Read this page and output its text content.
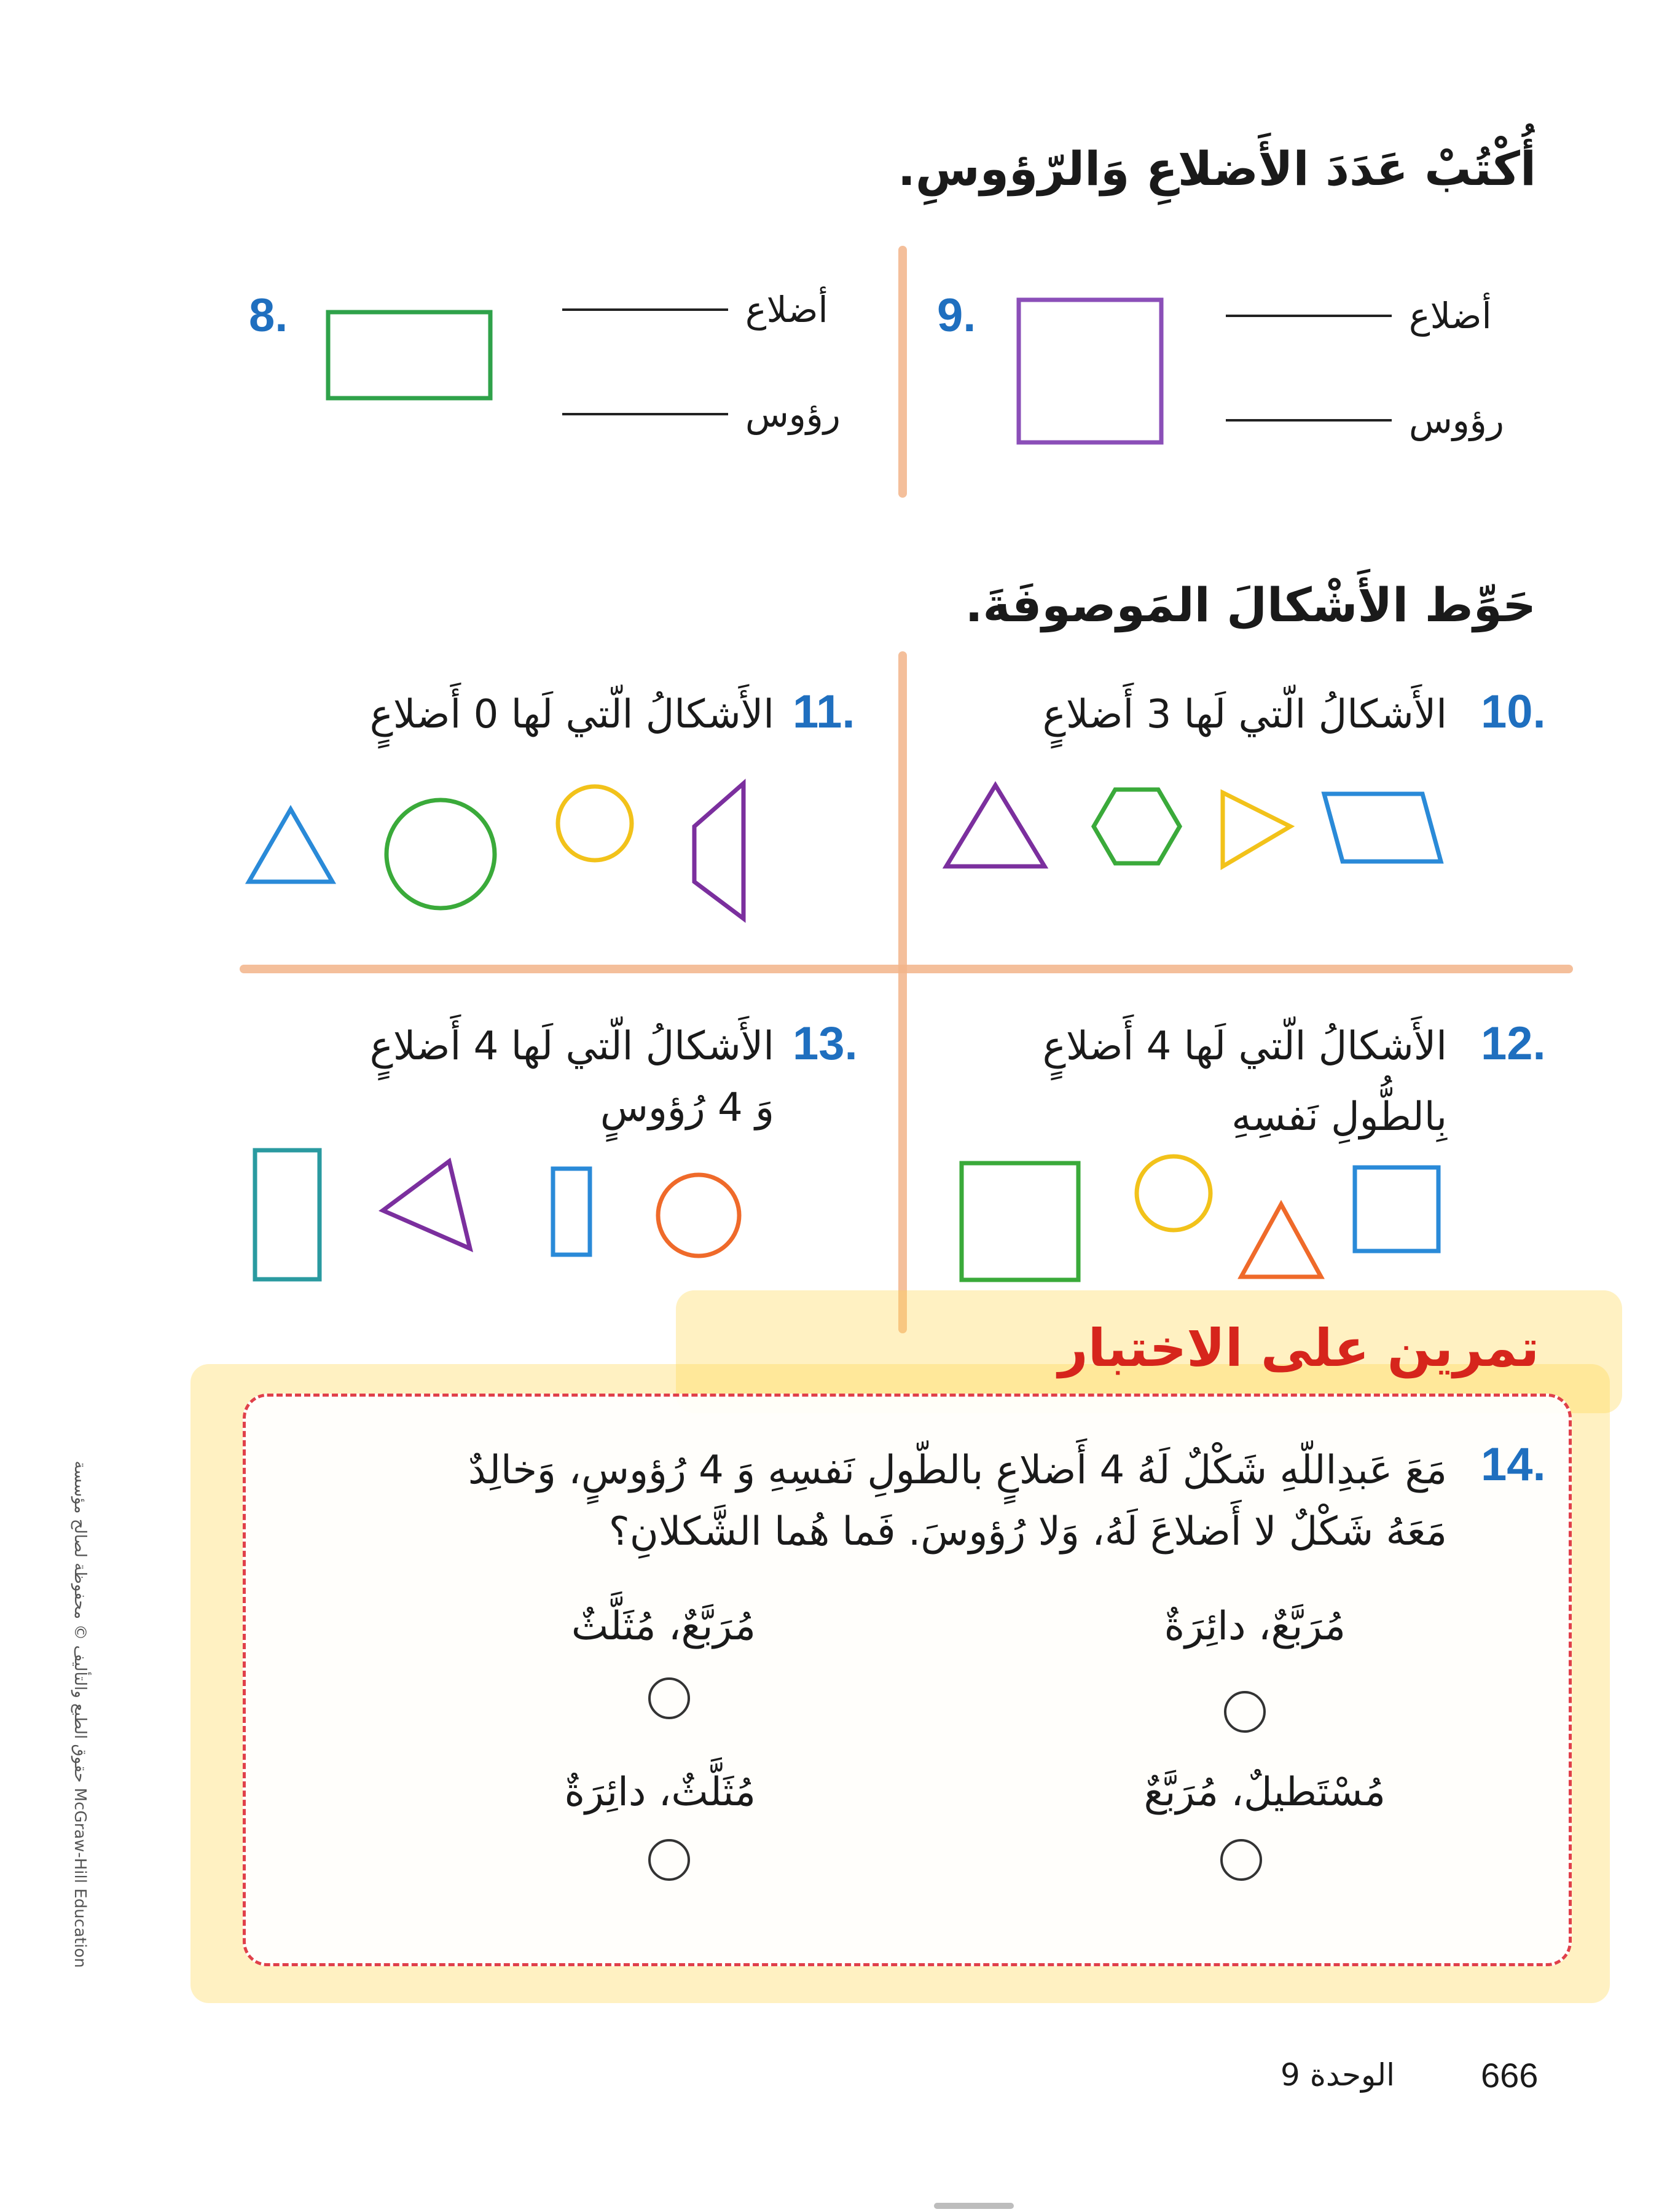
أُكْتُبْ عَدَدَ الأَضلاعِ وَالرّؤوسِ.
9.	أضلاع
رؤوس
8.	أضلاع
رؤوس
حَوِّط الأَشْكالَ المَوصوفَةَ.
الأَشكالُ الّتي لَها 3 أَضلاعٍ 10.
الأَشكالُ الّتي لَها 0 أَضلاعٍ 11.
الأَشكالُ الّتي لَها 4 أَضلاعٍ
بِالطُّولِ نَفسِهِ
12.
الأَشكالُ الّتي لَها 4 أَضلاعٍ
وَ 4 رُؤوسٍ
13.
تمرين على الاختبار
14.
مَعَ عَبدِاللّهِ شَكْلٌ لَهُ 4 أَضلاعٍ بالطّولِ نَفسِهِ وَ 4 رُؤوسٍ، وَخالِدٌ
مَعَهُ شَكْلٌ لا أَضلاعَ لَهُ، وَلا رُؤوسَ. فَما هُما الشَّكلانِ؟
مُرَبَّعٌ، دائِرَةٌ
مُرَبَّعٌ، مُثَلَّثٌ
مُسْتَطيلٌ، مُرَبَّعٌ
مُثَلَّثٌ، دائِرَةٌ
حقوق الطبع والتأليف © محفوظة لصالح مؤسسة McGraw-Hill Education
666
الوحدة 9
